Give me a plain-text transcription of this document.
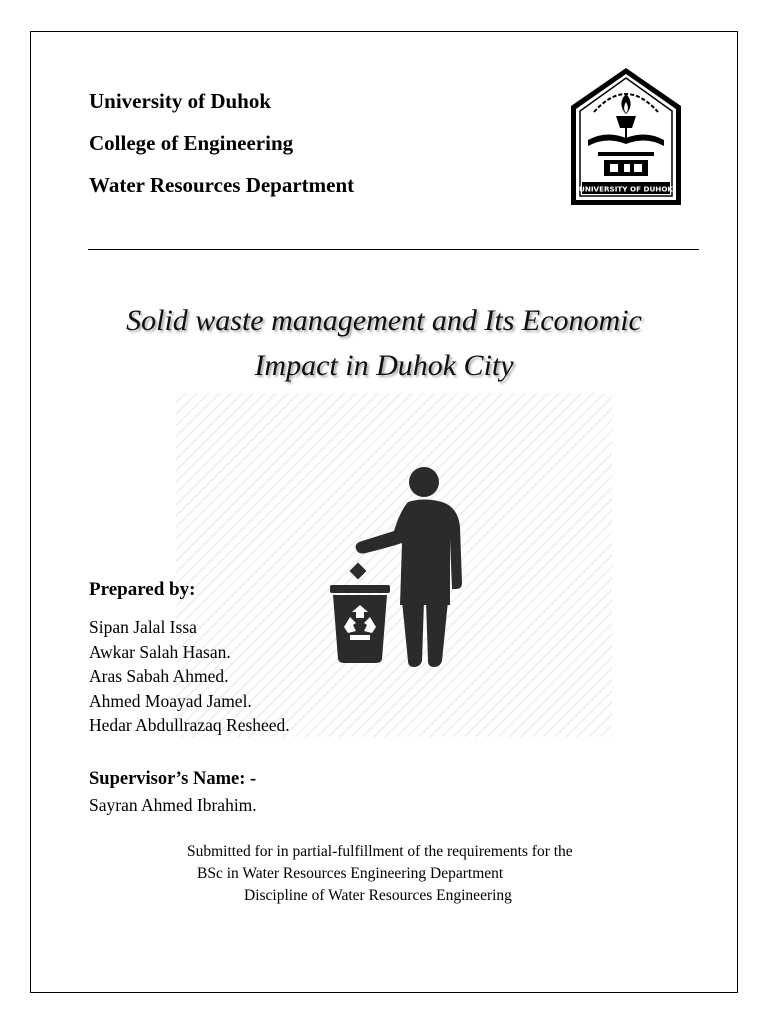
University of Duhok
College of Engineering
Water Resources Department	UNIVERSITY OF DUHOK
Solid waste management and Its Economic
Impact in Duhok City
Prepared by:
Sipan Jalal Issa
Awkar Salah Hasan.
Aras Sabah Ahmed.
Ahmed Moayad Jamel.
Hedar Abdullrazaq Resheed.
Supervisor’s Name: -
Sayran Ahmed Ibrahim.
Submitted for in partial-fulfillment of the requirements for the
BSc in Water Resources Engineering Department
Discipline of Water Resources Engineering
